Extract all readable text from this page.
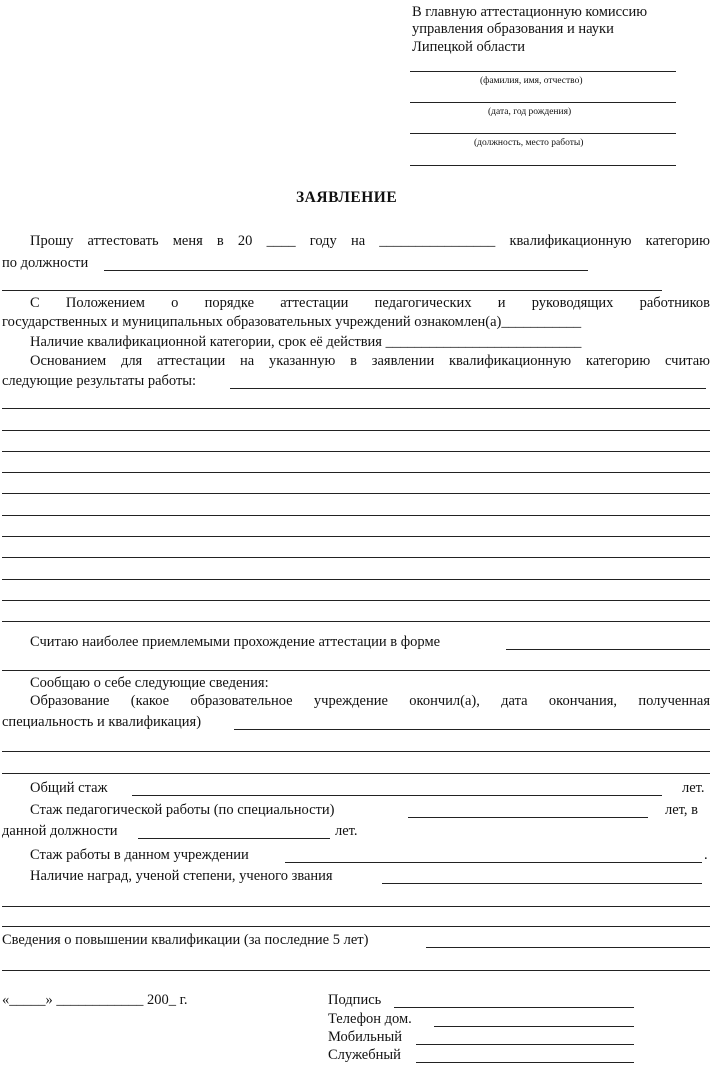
В главную аттестационную комиссию
управления образования и науки
Липецкой области
(фамилия, имя, отчество)
(дата, год рождения)
(должность, место работы)
ЗАЯВЛЕНИЕ
Прошу аттестовать меня в 20 ____ году на ________________ квалификационную категорию
по должности
С Положением о порядке аттестации педагогических и руководящих работников
государственных и муниципальных образовательных учреждений ознакомлен(а)___________
Наличие квалификационной категории, срок её действия ___________________________
Основанием для аттестации на указанную в заявлении квалификационную категорию считаю
следующие результаты работы:
Считаю наиболее приемлемыми прохождение аттестации в форме
Сообщаю о себе следующие сведения:
Образование (какое образовательное учреждение окончил(а), дата окончания, полученная
специальность и квалификация)
Общий стаж	лет.
Стаж педагогической работы (по специальности)	лет, в
данной должности	лет.
Стаж работы в данном учреждении	.
Наличие наград, ученой степени, ученого звания
Сведения о повышении квалификации (за последние 5 лет)
«_____» ____________ 200_ г.	Подпись
Телефон дом.
Мобильный
Служебный
